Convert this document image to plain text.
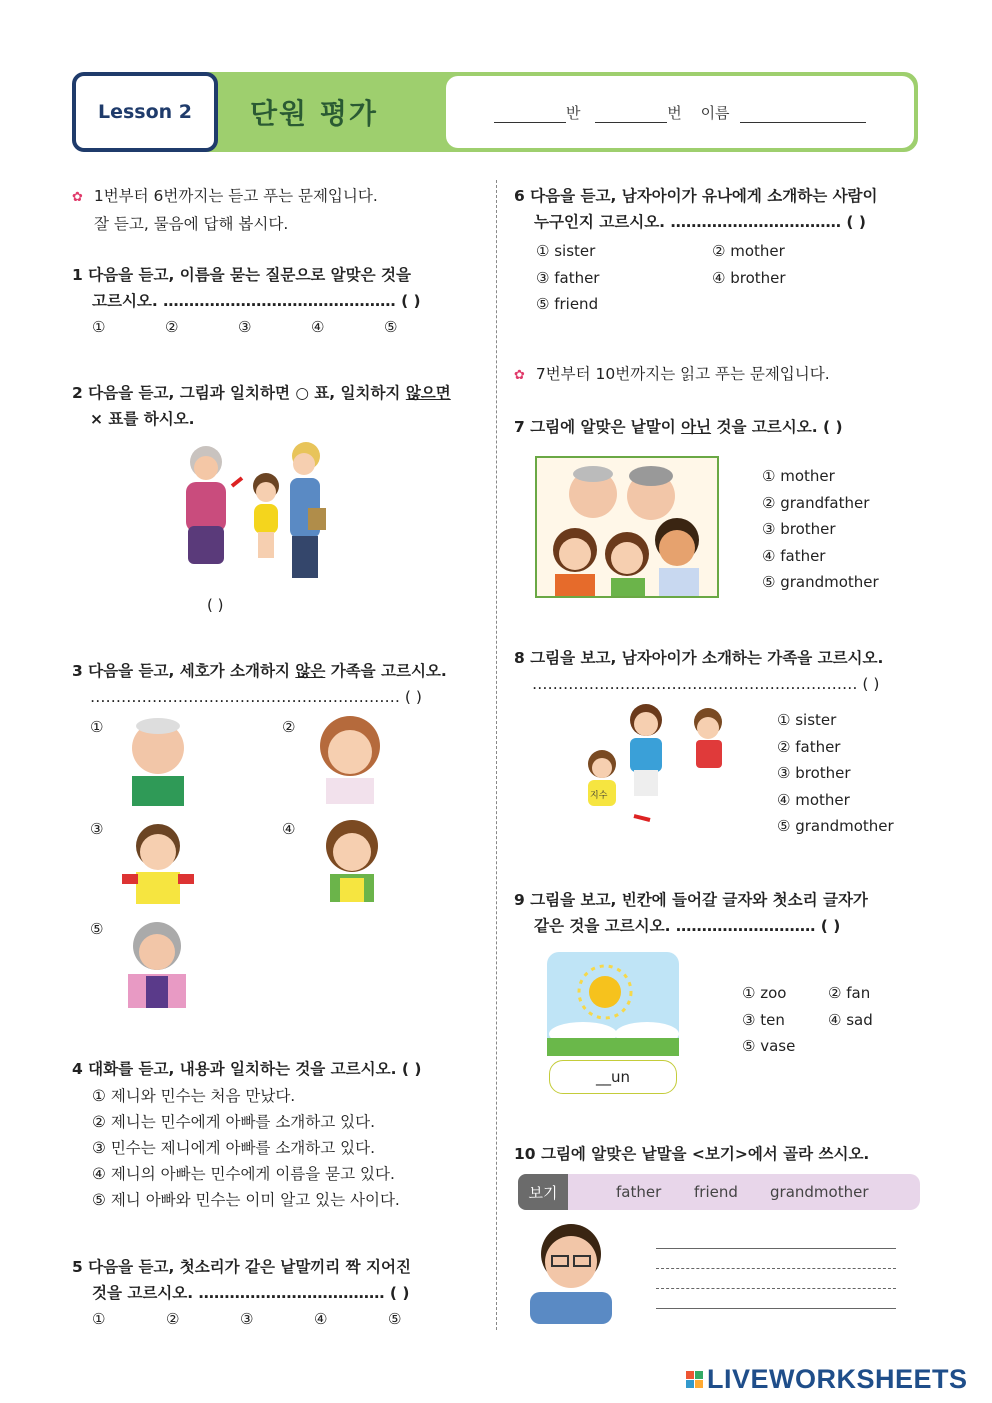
Lesson 2	단원 평가	반	번 이름
✿ 1번부터 6번까지는 듣고 푸는 문제입니다.
잘 듣고, 물음에 답해 봅시다.
1 다음을 듣고, 이름을 묻는 질문으로 알맞은 것을
고르시오. ……………………………………… ( )
①	②	③	④	⑤
2 다음을 듣고, 그림과 일치하면 ○ 표, 일치하지 않으면
× 표를 하시오.
( )
3 다음을 듣고, 세호가 소개하지 않은 가족을 고르시오.
…………………………………………………… ( )
①	②
③	④
⑤
4 대화를 듣고, 내용과 일치하는 것을 고르시오. ( )
① 제니와 민수는 처음 만났다.
② 제니는 민수에게 아빠를 소개하고 있다.
③ 민수는 제니에게 아빠를 소개하고 있다.
④ 제니의 아빠는 민수에게 이름을 묻고 있다.
⑤ 제니 아빠와 민수는 이미 알고 있는 사이다.
5 다음을 듣고, 첫소리가 같은 낱말끼리 짝 지어진
것을 고르시오. ……………………………… ( )
①	②	③	④	⑤
6 다음을 듣고, 남자아이가 유나에게 소개하는 사람이
누구인지 고르시오. …………………………… ( )
① sister	② mother
③ father	④ brother
⑤ friend
✿ 7번부터 10번까지는 읽고 푸는 문제입니다.
7 그림에 알맞은 낱말이 아닌 것을 고르시오. ( )
① mother
② grandfather
③ brother
④ father
⑤ grandmother
8 그림을 보고, 남자아이가 소개하는 가족을 고르시오.
……………………………………………………… ( )
지수
① sister
② father
③ brother
④ mother
⑤ grandmother
9 그림을 보고, 빈칸에 들어갈 글자와 첫소리 글자가
같은 것을 고르시오. ……………………… ( )
__un
① zoo	② fan
③ ten	④ sad
⑤ vase
10 그림에 알맞은 낱말을 <보기>에서 골라 쓰시오.
보기	father friend grandmother
LIVEWORKSHEETS
